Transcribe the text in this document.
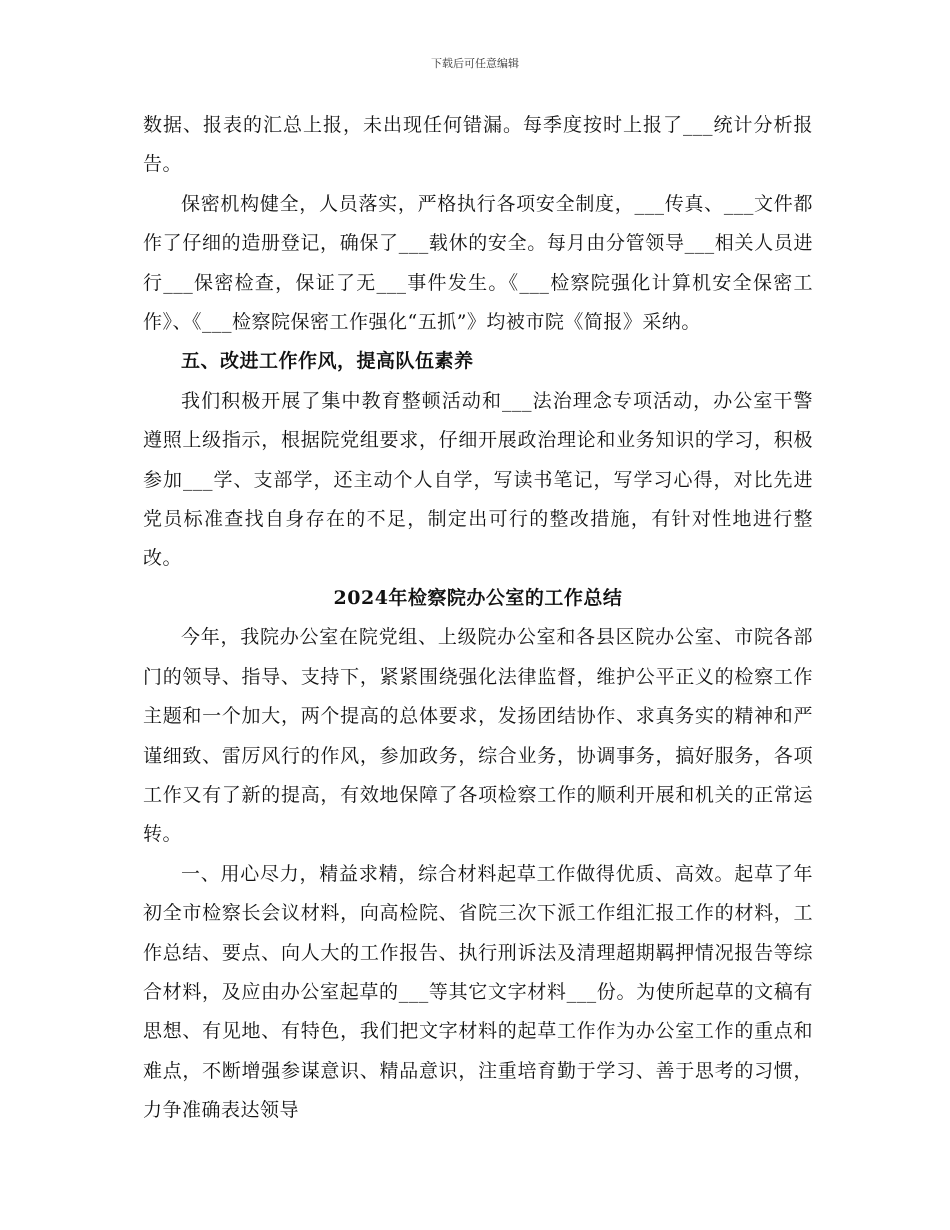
下载后可任意编辑

数据、报表的汇总上报，未出现任何错漏。每季度按时上报了___统计分析报告。

保密机构健全，人员落实，严格执行各项安全制度，___传真、___文件都作了仔细的造册登记，确保了___载休的安全。每月由分管领导___相关人员进行___保密检查，保证了无___事件发生。《___检察院强化计算机安全保密工作》、《___检察院保密工作强化“五抓”》均被市院《简报》采纳。

五、改进工作作风，提高队伍素养

我们积极开展了集中教育整顿活动和___法治理念专项活动，办公室干警遵照上级指示，根据院党组要求，仔细开展政治理论和业务知识的学习，积极参加___学、支部学，还主动个人自学，写读书笔记，写学习心得，对比先进党员标准查找自身存在的不足，制定出可行的整改措施，有针对性地进行整改。

2024年检察院办公室的工作总结

今年，我院办公室在院党组、上级院办公室和各县区院办公室、市院各部门的领导、指导、支持下，紧紧围绕强化法律监督，维护公平正义的检察工作主题和一个加大，两个提高的总体要求，发扬团结协作、求真务实的精神和严谨细致、雷厉风行的作风，参加政务，综合业务，协调事务，搞好服务，各项工作又有了新的提高，有效地保障了各项检察工作的顺利开展和机关的正常运转。

一、用心尽力，精益求精，综合材料起草工作做得优质、高效。起草了年初全市检察长会议材料，向高检院、省院三次下派工作组汇报工作的材料，工作总结、要点、向人大的工作报告、执行刑诉法及清理超期羁押情况报告等综合材料，及应由办公室起草的___等其它文字材料___份。为使所起草的文稿有思想、有见地、有特色，我们把文字材料的起草工作作为办公室工作的重点和难点，不断增强参谋意识、精品意识，注重培育勤于学习、善于思考的习惯，力争准确表达领导
